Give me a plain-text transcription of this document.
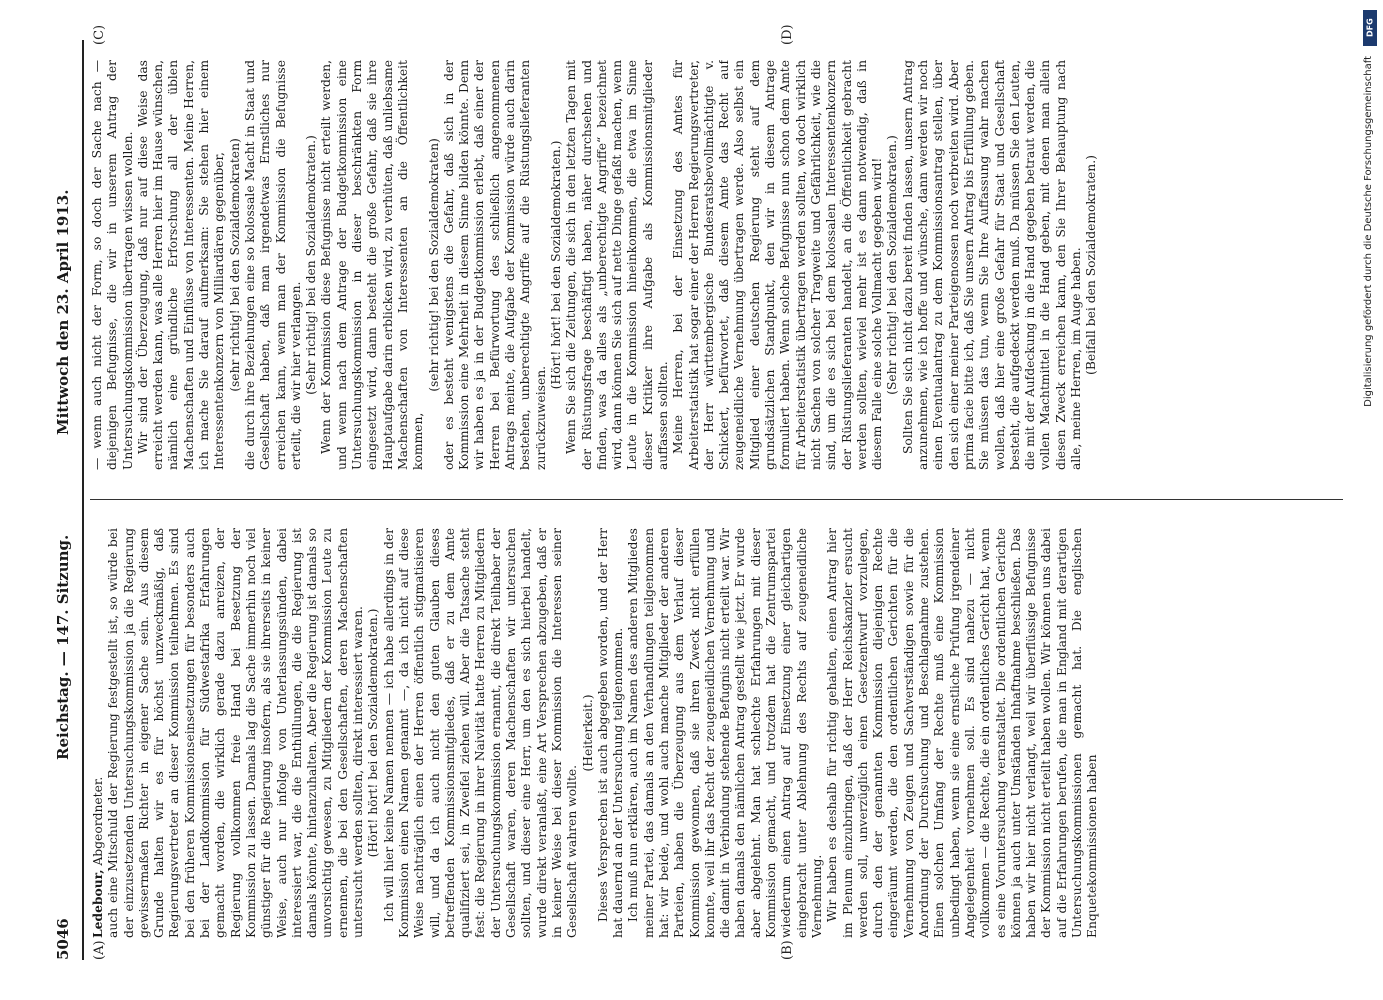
5046
Reichstag. — 147. Sitzung.
Mittwoch den 23. April 1913.
(A)	(B)
(C)	(D)

Ledebour, Abgeordneter. auch eine Mitschuld der Regierung festgestellt ist, so würde bei der einzusetzenden Untersuchungskommission ja die Regierung gewissermaßen Richter in eigener Sache sein. Aus diesem Grunde halten wir es für höchst unzweckmäßig, daß Regierungsvertreter an dieser Kommission teilnehmen. Es sind bei den früheren Kommissionseinsetzungen für besonders auch bei der Landkommission für Südwestafrika Erfahrungen gemacht worden, die wirklich gerade dazu anreizen, der Regierung vollkommen freie Hand bei Besetzung der Kommission zu lassen. Damals lag die Sache immerhin noch viel günstiger für die Regierung insofern, als sie ihrerseits in keiner Weise, auch nur infolge von Unterlassungssünden, dabei interessiert war, die die Enthüllungen, die die Regierung ist damals könnte, hintanzuhalten. Aber die Regierung ist damals so unvorsichtig gewesen, zu Mitgliedern der Kommission Leute zu ernennen, die bei den Gesellschaften, deren Machenschaften untersucht werden sollten, direkt interessiert waren. (Hört! hört! bei den Sozialdemokraten.) Ich will hier keine Namen nennen — ich habe allerdings in der Kommission einen Namen genannt —, da ich nicht auf diese Weise nachträglich einen der Herren öffentlich stigmatisieren will, und da ich auch nicht den guten Glauben dieses betreffenden Kommissionsmitgliedes, daß er zu dem Amte qualifiziert sei, in Zweifel ziehen will. Aber die Tatsache steht fest: die Regierung in ihrer Naivität hatte Herren zu Mitgliedern der Untersuchungskommission ernannt, die direkt Teilhaber der Gesellschaft waren, deren Machenschaften wir untersuchen sollten, und dieser eine Herr, um den es sich hierbei handelt, wurde direkt veranlaßt, eine Art Versprechen abzugeben, daß er in keiner Weise bei dieser Kommission die Interessen seiner Gesellschaft wahren wollte.

(Heiterkeit.) Dieses Versprechen ist auch abgegeben worden, und der Herr hat dauernd an der Untersuchung teilgenommen. Ich muß nun erklären, auch im Namen des anderen Mitgliedes meiner Partei, das damals an den Verhandlungen teilgenommen hat: wir beide, und wohl auch manche Mitglieder der anderen Parteien, haben die Überzeugung aus dem Verlauf dieser Kommission gewonnen, daß sie ihren Zweck nicht erfüllen konnte, weil ihr das Recht der zeugeneidlichen Vernehmung und die damit in Verbindung stehende Befugnis nicht erteilt war. Wir haben damals den nämlichen Antrag gestellt wie jetzt. Er wurde aber abgelehnt. Man hat schlechte Erfahrungen mit dieser Kommission gemacht, und trotzdem hat die Zentrumspartei wiederum einen Antrag auf Einsetzung einer gleichartigen eingebracht unter Ablehnung des Rechts auf zeugeneidliche Vernehmung. Wir haben es deshalb für richtig gehalten, einen Antrag hier im Plenum einzubringen, daß der Herr Reichskanzler ersucht werden soll, unverzüglich einen Gesetzentwurf vorzulegen, durch den der genannten Kommission diejenigen Rechte eingeräumt werden, die den ordentlichen Gerichten für die Vernehmung von Zeugen und Sachverständigen sowie für die Anordnung der Durchsuchung und Beschlagnahme zustehen. Einen solchen Umfang der Rechte muß eine Kommission unbedingt haben, wenn sie eine ernstliche Prüfung irgendeiner Angelegenheit vornehmen soll. Es sind nahezu — nicht vollkommen — die Rechte, die ein ordentliches Gericht hat, wenn es eine Voruntersuchung veranstaltet. Die ordentlichen Gerichte können ja auch unter Umständen Inhaftnahme beschließen. Das haben wir hier nicht verlangt, weil wir überflüssige Befugnisse der Kommission nicht erteilt haben wollen. Wir können uns dabei auf die Erfahrungen berufen, die man in England mit derartigen Untersuchungskommissionen gemacht hat. Die englischen Enquetekommissionen haben

— wenn auch nicht der Form, so doch der Sache nach — diejenigen Befugnisse, die wir in unserem Antrag der Untersuchungskommission übertragen wissen wollen. Wir sind der Überzeugung, daß nur auf diese Weise das erreicht werden kann, was alle Herren hier im Hause wünschen, nämlich eine gründliche Erforschung all der üblen Machenschaften und Einflüsse von Interessenten. Meine Herren, ich mache Sie darauf aufmerksam: Sie stehen hier einem Interessentenkonzern von Milliardären gegenüber, (sehr richtig! bei den Sozialdemokraten) die durch ihre Beziehungen eine so kolossale Macht in Staat und Gesellschaft haben, daß man irgendetwas Ernstliches nur erreichen kann, wenn man der Kommission die Befugnisse erteilt, die wir hier verlangen. (Sehr richtig! bei den Sozialdemokraten.) Wenn der Kommission diese Befugnisse nicht erteilt werden, und wenn nach dem Antrage der Budgetkommission eine Untersuchungskommission in dieser beschränkten Form eingesetzt wird, dann besteht die große Gefahr, daß sie ihre Hauptaufgabe darin erblicken wird, zu verhüten, daß unliebsame Machenschaften von Interessenten an die Öffentlichkeit kommen,

(sehr richtig! bei den Sozialdemokraten) oder es besteht wenigstens die Gefahr, daß sich in der Kommission eine Mehrheit in diesem Sinne bilden könnte. Denn wir haben es ja in der Budgetkommission erlebt, daß einer der Herren bei Befürwortung des schließlich angenommenen Antrags meinte, die Aufgabe der Kommission würde auch darin bestehen, unberechtigte Angriffe auf die Rüstungslieferanten zurückzuweisen.

(Hört! hört! bei den Sozialdemokraten.) Wenn Sie sich die Zeitungen, die sich in den letzten Tagen mit der Rüstungsfrage beschäftigt haben, näher durchsehen und finden, was da alles als „unberechtigte Angriffe“ bezeichnet wird, dann können Sie sich auf nette Dinge gefaßt machen, wenn Leute in die Kommission hineinkommen, die etwa im Sinne dieser Kritiker ihre Aufgabe als Kommissionsmitglieder auffassen sollten. Meine Herren, bei der Einsetzung des Amtes für Arbeiterstatistik hat sogar einer der Herren Regierungsvertreter, der Herr württembergische Bundesratsbevollmächtigte v. Schickert, befürwortet, daß diesem Amte das Recht auf zeugeneidliche Vernehmung übertragen werde. Also selbst ein Mitglied einer deutschen Regierung steht auf dem grundsätzlichen Standpunkt, den wir in diesem Antrage formuliert haben. Wenn solche Befugnisse nun schon dem Amte für Arbeiterstatistik übertragen werden sollten, wo doch wirklich nicht Sachen von solcher Tragweite und Gefährlichkeit, wie die sind, um die es sich bei dem kolossalen Interessentenkonzern der Rüstungslieferanten handelt, an die Öffentlichkeit gebracht werden sollten, wieviel mehr ist es dann notwendig, daß in diesem Falle eine solche Vollmacht gegeben wird! (Sehr richtig! bei den Sozialdemokraten.) Sollten Sie sich nicht dazu bereit finden lassen, unsern Antrag anzunehmen, wie ich hoffe und wünsche, dann werden wir noch einen Eventualantrag zu dem Kommissionsantrag stellen, über den sich einer meiner Parteigenossen noch verbreiten wird. Aber prima facie bitte ich, daß Sie unsern Antrag bis Erfüllung geben. Sie müssen das tun, wenn Sie Ihre Auffassung wahr machen wollen, daß hier eine große Gefahr für Staat und Gesellschaft besteht, die aufgedeckt werden muß. Da müssen Sie den Leuten, die mit der Aufdeckung in die Hand gegeben betraut werden, die vollen Machtmittel in die Hand geben, mit denen man allein diesen Zweck erreichen kann, den Sie Ihrer Behauptung nach alle, meine Herren, im Auge haben. (Beifall bei den Sozialdemokraten.)

DFG
Digitalisierung gefördert durch die Deutsche Forschungsgemeinschaft
